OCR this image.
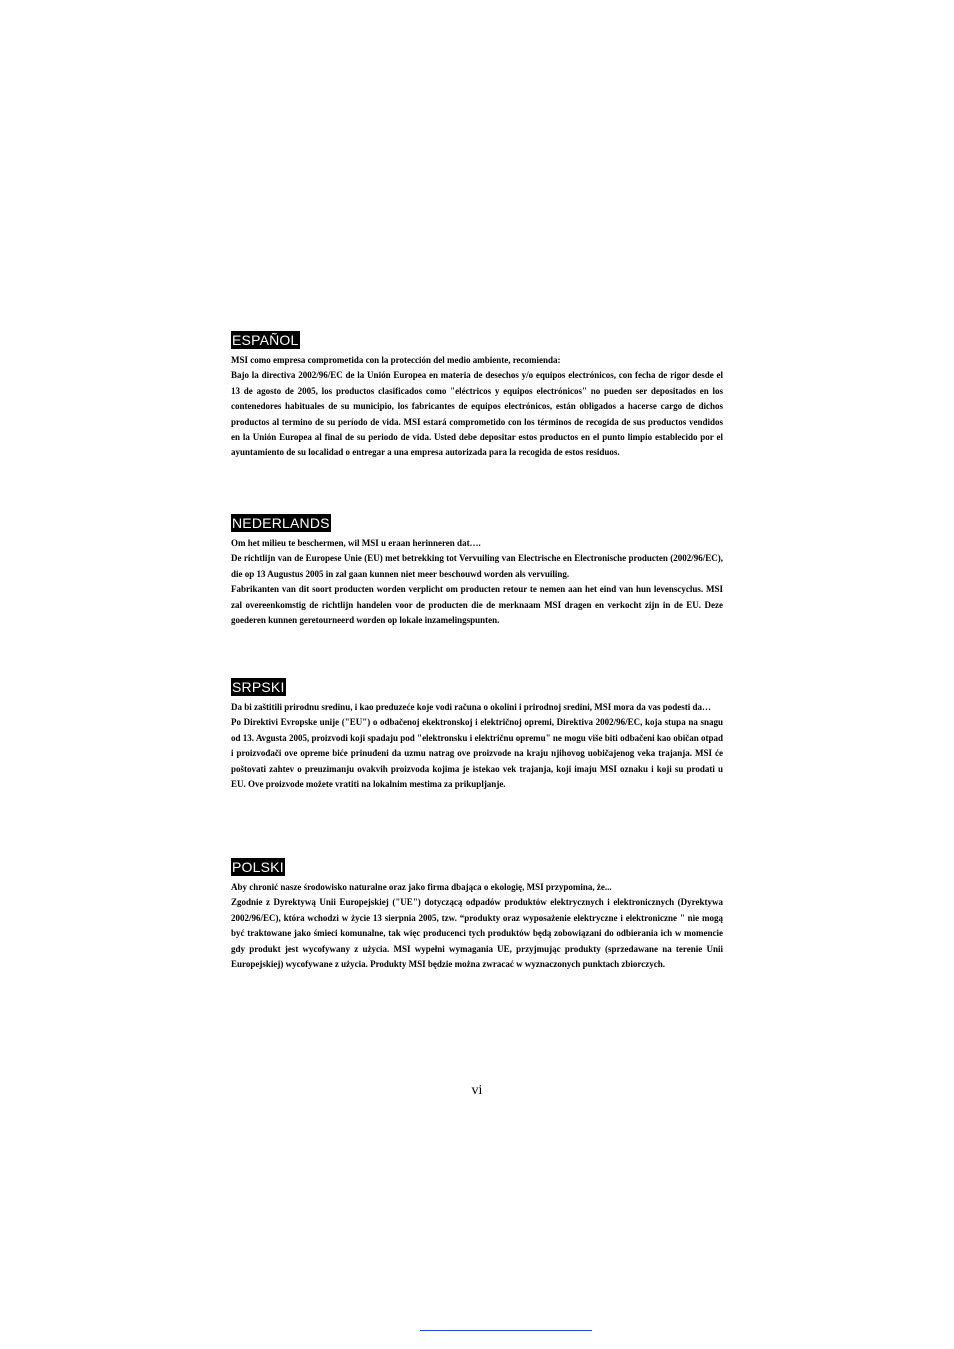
ESPAÑOL

MSI como empresa comprometida con la protección del medio ambiente, recomienda:

Bajo la directiva 2002/96/EC de la Unión Europea en materia de desechos y/o equipos electrónicos, con fecha de rigor desde el 13 de agosto de 2005, los productos clasificados como "eléctricos y equipos electrónicos" no pueden ser depositados en los contenedores habituales de su municipio, los fabricantes de equipos electrónicos, están obligados a hacerse cargo de dichos productos al termino de su período de vida. MSI estará comprometido con los términos de recogida de sus productos vendidos en la Unión Europea al final de su periodo de vida. Usted debe depositar estos productos en el punto limpio establecido por el ayuntamiento de su localidad o entregar a una empresa autorizada para la recogida de estos residuos.

NEDERLANDS

Om het milieu te beschermen, wil MSI u eraan herinneren dat….

De richtlijn van de Europese Unie (EU) met betrekking tot Vervuiling van Electrische en Electronische producten (2002/96/EC), die op 13 Augustus 2005 in zal gaan kunnen niet meer beschouwd worden als vervuiling.

Fabrikanten van dit soort producten worden verplicht om producten retour te nemen aan het eind van hun levenscyclus. MSI zal overeenkomstig de richtlijn handelen voor de producten die de merknaam MSI dragen en verkocht zijn in de EU. Deze goederen kunnen geretourneerd worden op lokale inzamelingspunten.

SRPSKI

Da bi zaštitili prirodnu sredinu, i kao preduzeće koje vodi računa o okolini i prirodnoj sredini, MSI mora da vas podesti da…

Po Direktivi Evropske unije ("EU") o odbačenoj ekektronskoj i električnoj opremi, Direktiva 2002/96/EC, koja stupa na snagu od 13. Avgusta 2005, proizvodi koji spadaju pod "elektronsku i električnu opremu" ne mogu više biti odbačeni kao običan otpad i proizvođači ove opreme biće prinuđeni da uzmu natrag ove proizvode na kraju njihovog uobičajenog veka trajanja. MSI će poštovati zahtev o preuzimanju ovakvih proizvoda kojima je istekao vek trajanja, koji imaju MSI oznaku i koji su prodati u EU. Ove proizvode možete vratiti na lokalnim mestima za prikupljanje.

POLSKI

Aby chronić nasze środowisko naturalne oraz jako firma dbająca o ekologię, MSI przypomina, że...

Zgodnie z Dyrektywą Unii Europejskiej ("UE") dotyczącą odpadów produktów elektrycznych i elektronicznych (Dyrektywa 2002/96/EC), która wchodzi w życie 13 sierpnia 2005, tzw. “produkty oraz wyposażenie elektryczne i elektroniczne " nie mogą być traktowane jako śmieci komunalne, tak więc producenci tych produktów będą zobowiązani do odbierania ich w momencie gdy produkt jest wycofywany z użycia. MSI wypełni wymagania UE, przyjmując produkty (sprzedawane na terenie Unii Europejskiej) wycofywane z użycia. Produkty MSI będzie można zwracać w wyznaczonych punktach zbiorczych.

vi
